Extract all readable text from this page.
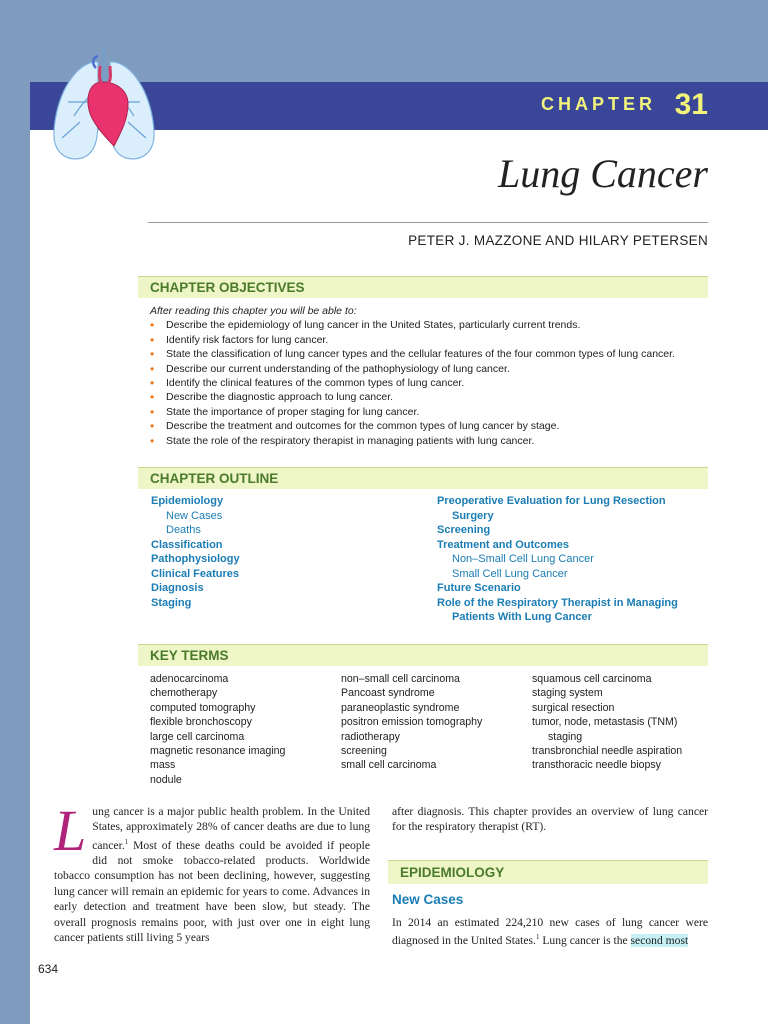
CHAPTER 31
Lung Cancer
PETER J. MAZZONE AND HILARY PETERSEN
CHAPTER OBJECTIVES
After reading this chapter you will be able to:
• Describe the epidemiology of lung cancer in the United States, particularly current trends.
• Identify risk factors for lung cancer.
• State the classification of lung cancer types and the cellular features of the four common types of lung cancer.
• Describe our current understanding of the pathophysiology of lung cancer.
• Identify the clinical features of the common types of lung cancer.
• Describe the diagnostic approach to lung cancer.
• State the importance of proper staging for lung cancer.
• Describe the treatment and outcomes for the common types of lung cancer by stage.
• State the role of the respiratory therapist in managing patients with lung cancer.
CHAPTER OUTLINE
Epidemiology
New Cases
Deaths
Classification
Pathophysiology
Clinical Features
Diagnosis
Staging
Preoperative Evaluation for Lung Resection
Surgery
Screening
Treatment and Outcomes
Non–Small Cell Lung Cancer
Small Cell Lung Cancer
Future Scenario
Role of the Respiratory Therapist in Managing
Patients With Lung Cancer
KEY TERMS
adenocarcinoma
chemotherapy
computed tomography
flexible bronchoscopy
large cell carcinoma
magnetic resonance imaging
mass
nodule
non–small cell carcinoma
Pancoast syndrome
paraneoplastic syndrome
positron emission tomography
radiotherapy
screening
small cell carcinoma
squamous cell carcinoma
staging system
surgical resection
tumor, node, metastasis (TNM)
staging
transbronchial needle aspiration
transthoracic needle biopsy
Lung cancer is a major public health problem. In the United States, approximately 28% of cancer deaths are due to lung cancer.$^1$ Most of these deaths could be avoided if people did not smoke tobacco-related products. Worldwide tobacco consumption has not been declining, however, suggesting lung cancer will remain an epidemic for years to come. Advances in early detection and treatment have been slow, but steady. The overall prognosis remains poor, with just over one in eight lung cancer patients still living 5 years
after diagnosis. This chapter provides an overview of lung cancer for the respiratory therapist (RT).
EPIDEMIOLOGY
New Cases
In 2014 an estimated 224,210 new cases of lung cancer were diagnosed in the United States.$^1$ Lung cancer is the second most
634
